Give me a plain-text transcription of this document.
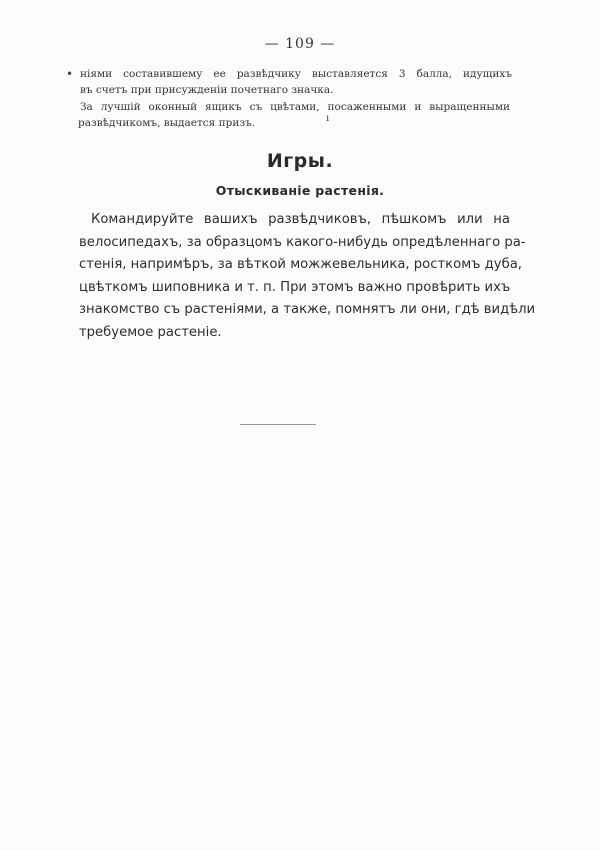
— 109 —
• ніями составившему ее развѣдчику выставляется 3 балла, идущихъ
въ счетъ при присужденіи почетнаго значка.
За лучшій оконный ящикъ съ цвѣтами, посаженными и выращенными
развѣдчикомъ, выдается призъ.	ı
Игры.
Отыскиваніе растенія.
Командируйте вашихъ развѣдчиковъ, пѣшкомъ или на
велосипедахъ, за образцомъ какого-нибудь опредѣленнаго ра-
стенія, напримѣръ, за вѣткой можжевельника, росткомъ дуба,
цвѣткомъ шиповника и т. п. При этомъ важно провѣрить ихъ
знакомство съ растеніями, а также, помнятъ ли они, гдѣ видѣли
требуемое растеніе.
